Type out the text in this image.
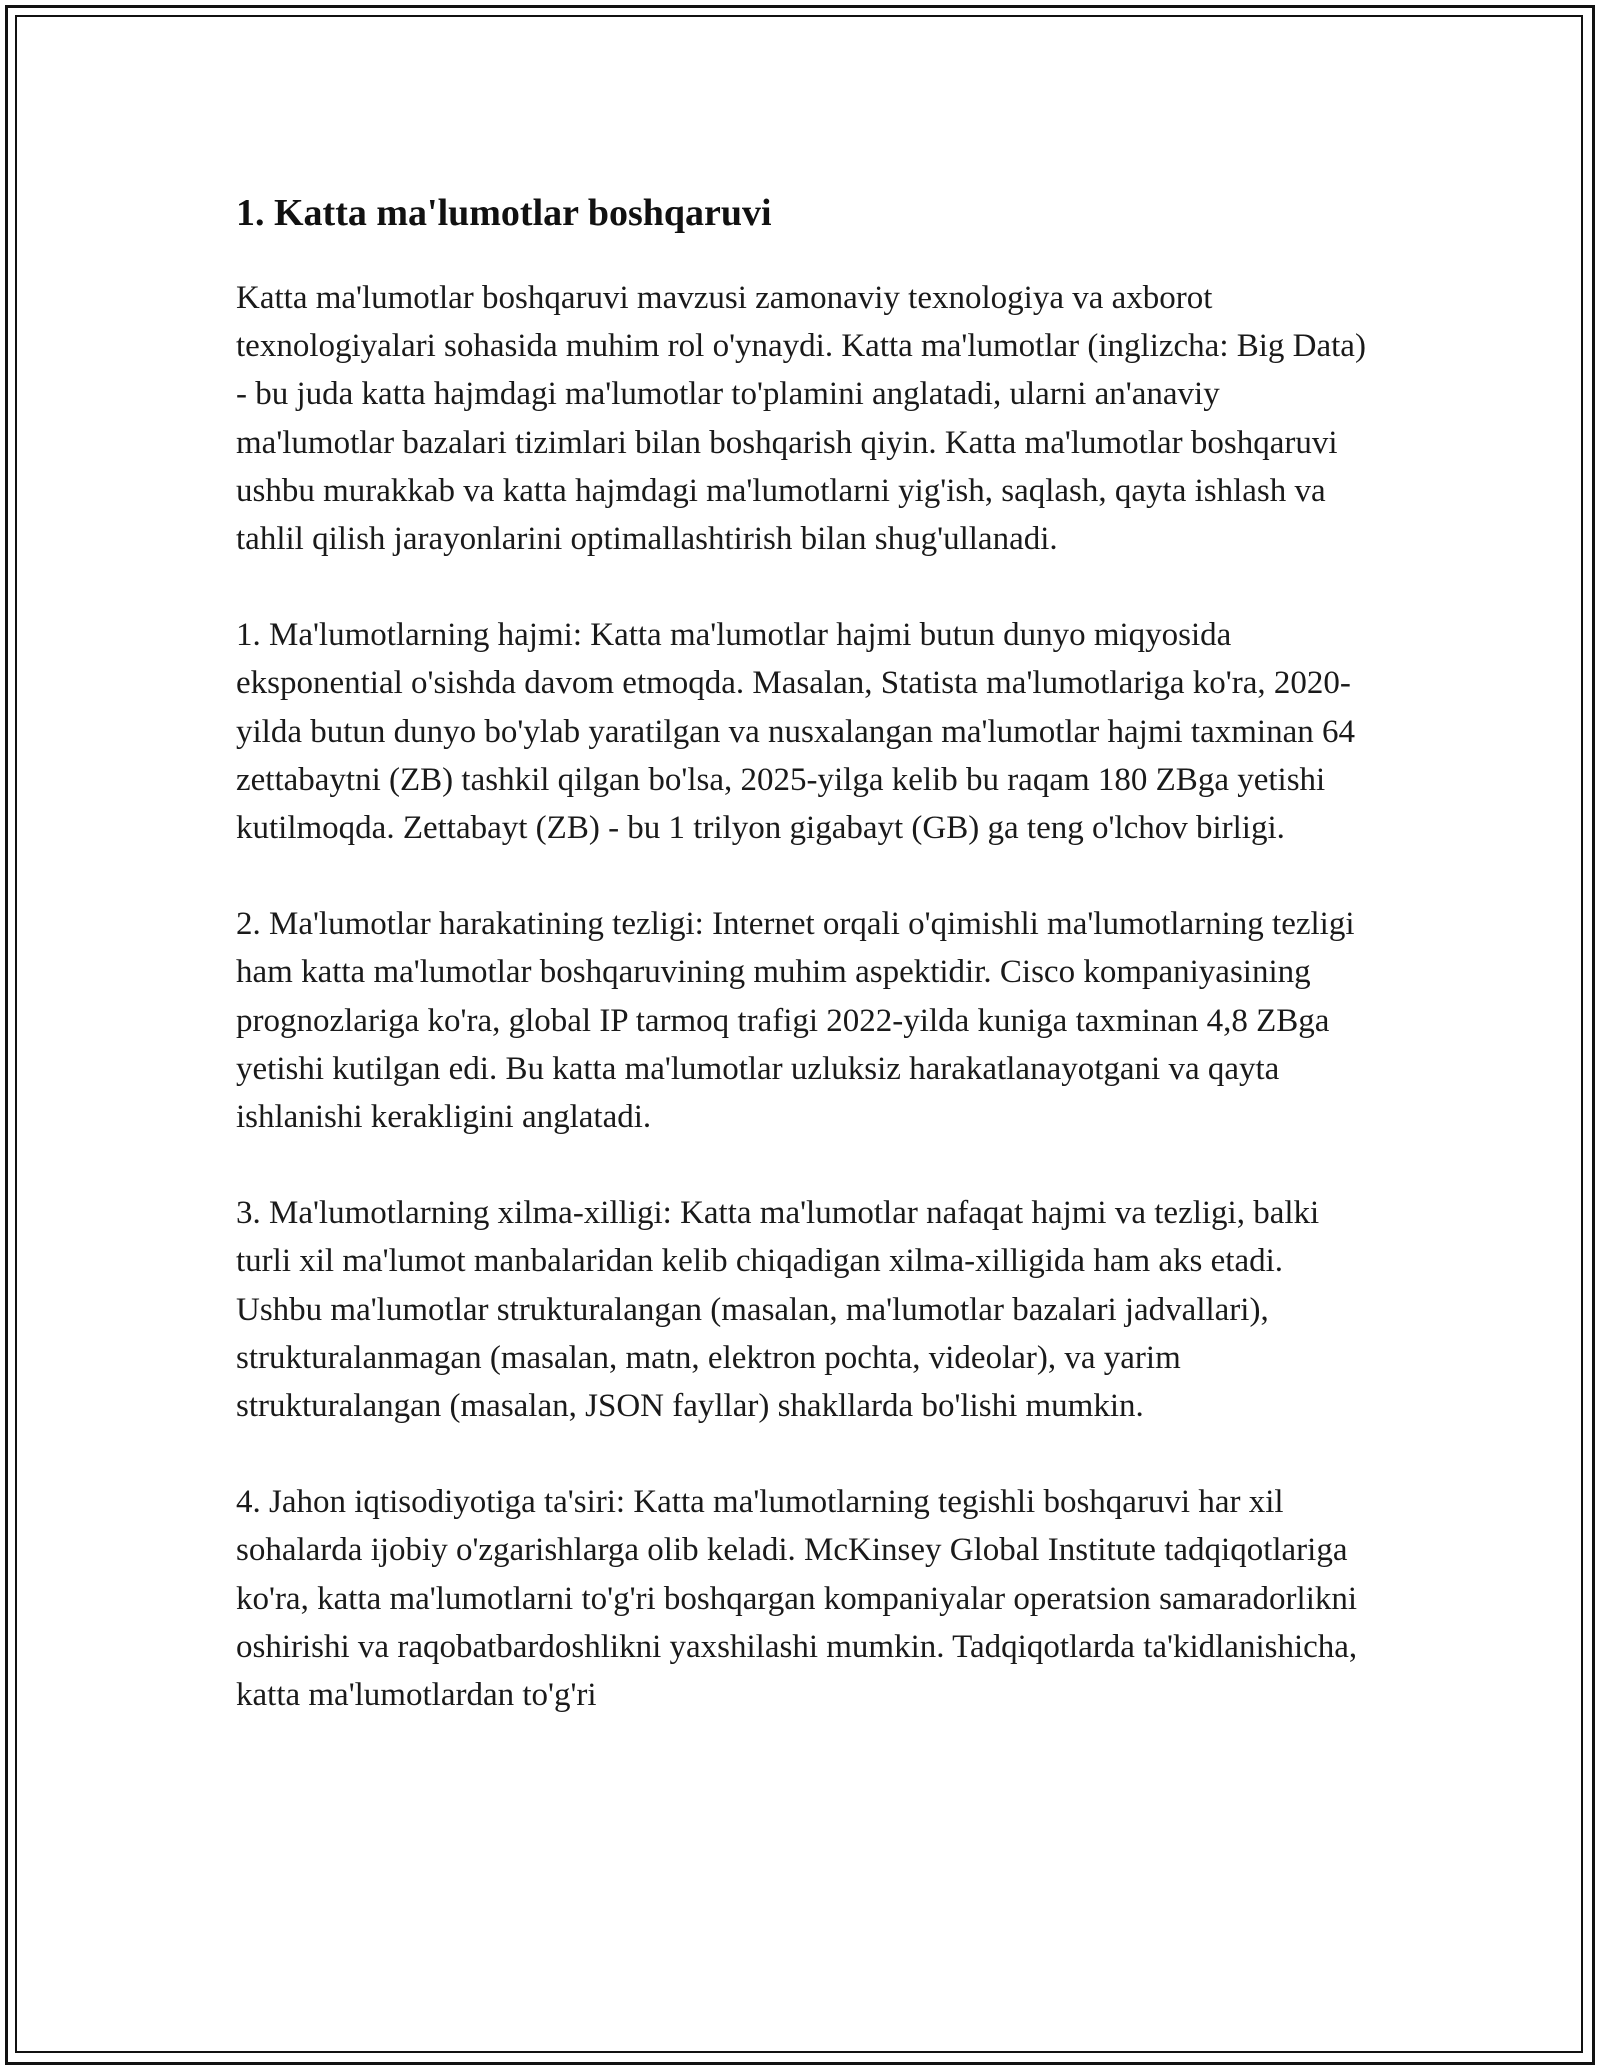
1. Katta ma'lumotlar boshqaruvi

Katta ma'lumotlar boshqaruvi mavzusi zamonaviy texnologiya va axborot texnologiyalari sohasida muhim rol o'ynaydi. Katta ma'lumotlar (inglizcha: Big Data) - bu juda katta hajmdagi ma'lumotlar to'plamini anglatadi, ularni an'anaviy ma'lumotlar bazalari tizimlari bilan boshqarish qiyin. Katta ma'lumotlar boshqaruvi ushbu murakkab va katta hajmdagi ma'lumotlarni yig'ish, saqlash, qayta ishlash va tahlil qilish jarayonlarini optimallashtirish bilan shug'ullanadi.

1. Ma'lumotlarning hajmi: Katta ma'lumotlar hajmi butun dunyo miqyosida eksponential o'sishda davom etmoqda. Masalan, Statista ma'lumotlariga ko'ra, 2020-yilda butun dunyo bo'ylab yaratilgan va nusxalangan ma'lumotlar hajmi taxminan 64 zettabaytni (ZB) tashkil qilgan bo'lsa, 2025-yilga kelib bu raqam 180 ZBga yetishi kutilmoqda. Zettabayt (ZB) - bu 1 trilyon gigabayt (GB) ga teng o'lchov birligi.

2. Ma'lumotlar harakatining tezligi: Internet orqali o'qimishli ma'lumotlarning tezligi ham katta ma'lumotlar boshqaruvining muhim aspektidir. Cisco kompaniyasining prognozlariga ko'ra, global IP tarmoq trafigi 2022-yilda kuniga taxminan 4,8 ZBga yetishi kutilgan edi. Bu katta ma'lumotlar uzluksiz harakatlanayotgani va qayta ishlanishi kerakligini anglatadi.

3. Ma'lumotlarning xilma-xilligi: Katta ma'lumotlar nafaqat hajmi va tezligi, balki turli xil ma'lumot manbalaridan kelib chiqadigan xilma-xilligida ham aks etadi. Ushbu ma'lumotlar strukturalangan (masalan, ma'lumotlar bazalari jadvallari), strukturalanmagan (masalan, matn, elektron pochta, videolar), va yarim strukturalangan (masalan, JSON fayllar) shakllarda bo'lishi mumkin.

4. Jahon iqtisodiyotiga ta'siri: Katta ma'lumotlarning tegishli boshqaruvi har xil sohalarda ijobiy o'zgarishlarga olib keladi. McKinsey Global Institute tadqiqotlariga ko'ra, katta ma'lumotlarni to'g'ri boshqargan kompaniyalar operatsion samaradorlikni oshirishi va raqobatbardoshlikni yaxshilashi mumkin. Tadqiqotlarda ta'kidlanishicha, katta ma'lumotlardan to'g'ri
